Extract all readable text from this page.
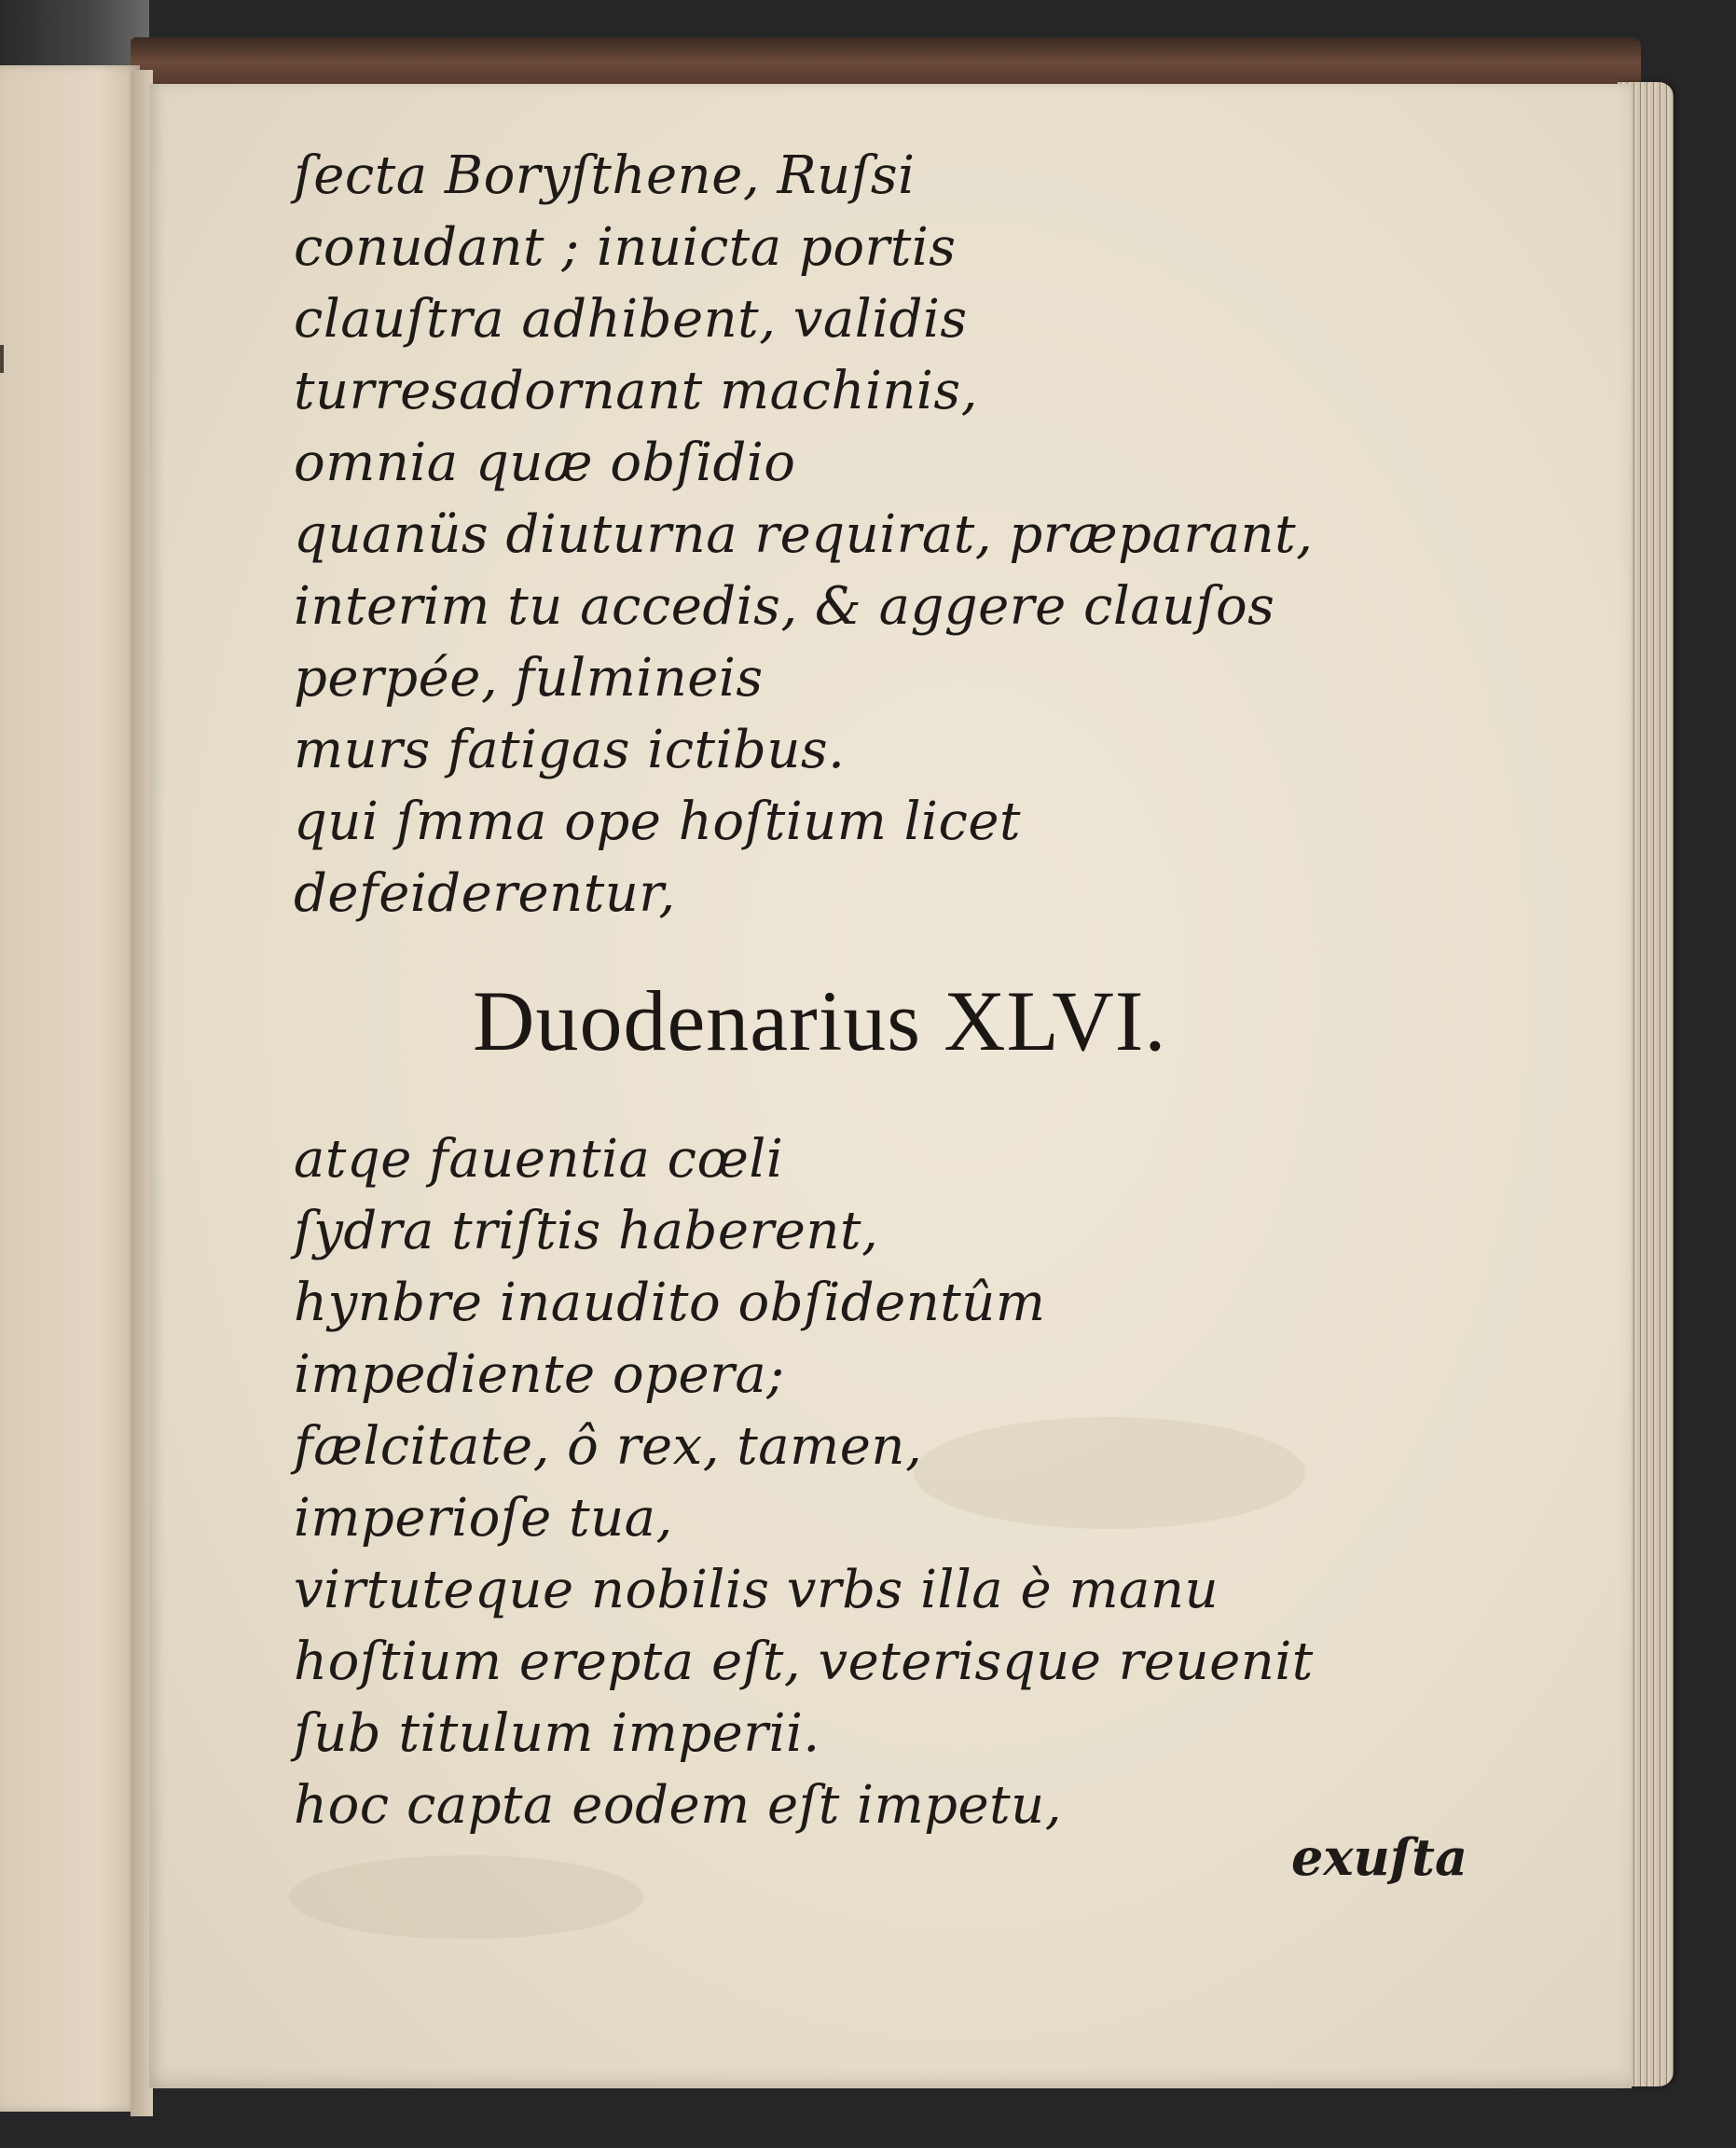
ſecta Boryſthene, Ruſsi
conudant ; inuicta portis
clauſtra adhibent, validis
turresadornant machinis,
omnia quæ obſidio
quanüs diuturna requirat, præparant,
interim tu accedis, & aggere clauſos
perpée, fulmineis
murs fatigas ictibus.
qui ſmma ope hoſtium licet
defeiderentur,
Duodenarius XLVI.
atqe fauentia cœli
ſydra triſtis haberent,
hynbre inaudito obſidentûm
impediente opera;
fælcitate, ô rex, tamen,
imperioſe tua,
virtuteque nobilis vrbs illa è manu
hoſtium erepta eſt, veterisque reuenit
ſub titulum imperii.
hoc capta eodem eſt impetu,
exuſta
